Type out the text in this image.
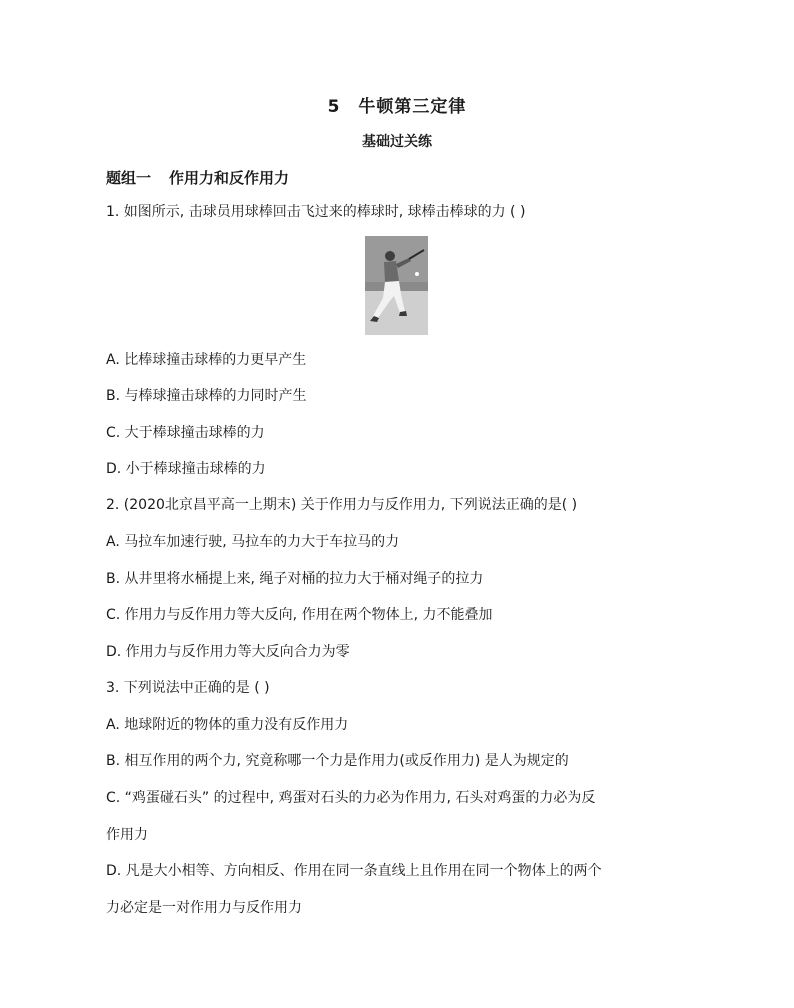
5 牛顿第三定律
基础过关练
题组一 作用力和反作用力
1. 如图所示, 击球员用球棒回击飞过来的棒球时, 球棒击棒球的力 ( )
A. 比棒球撞击球棒的力更早产生
B. 与棒球撞击球棒的力同时产生
C. 大于棒球撞击球棒的力
D. 小于棒球撞击球棒的力
2. (2020北京昌平高一上期末) 关于作用力与反作用力, 下列说法正确的是( )
A. 马拉车加速行驶, 马拉车的力大于车拉马的力
B. 从井里将水桶提上来, 绳子对桶的拉力大于桶对绳子的拉力
C. 作用力与反作用力等大反向, 作用在两个物体上, 力不能叠加
D. 作用力与反作用力等大反向合力为零
3. 下列说法中正确的是 ( )
A. 地球附近的物体的重力没有反作用力
B. 相互作用的两个力, 究竟称哪一个力是作用力(或反作用力) 是人为规定的
C. “鸡蛋碰石头” 的过程中, 鸡蛋对石头的力必为作用力, 石头对鸡蛋的力必为反
作用力
D. 凡是大小相等、方向相反、作用在同一条直线上且作用在同一个物体上的两个
力必定是一对作用力与反作用力
